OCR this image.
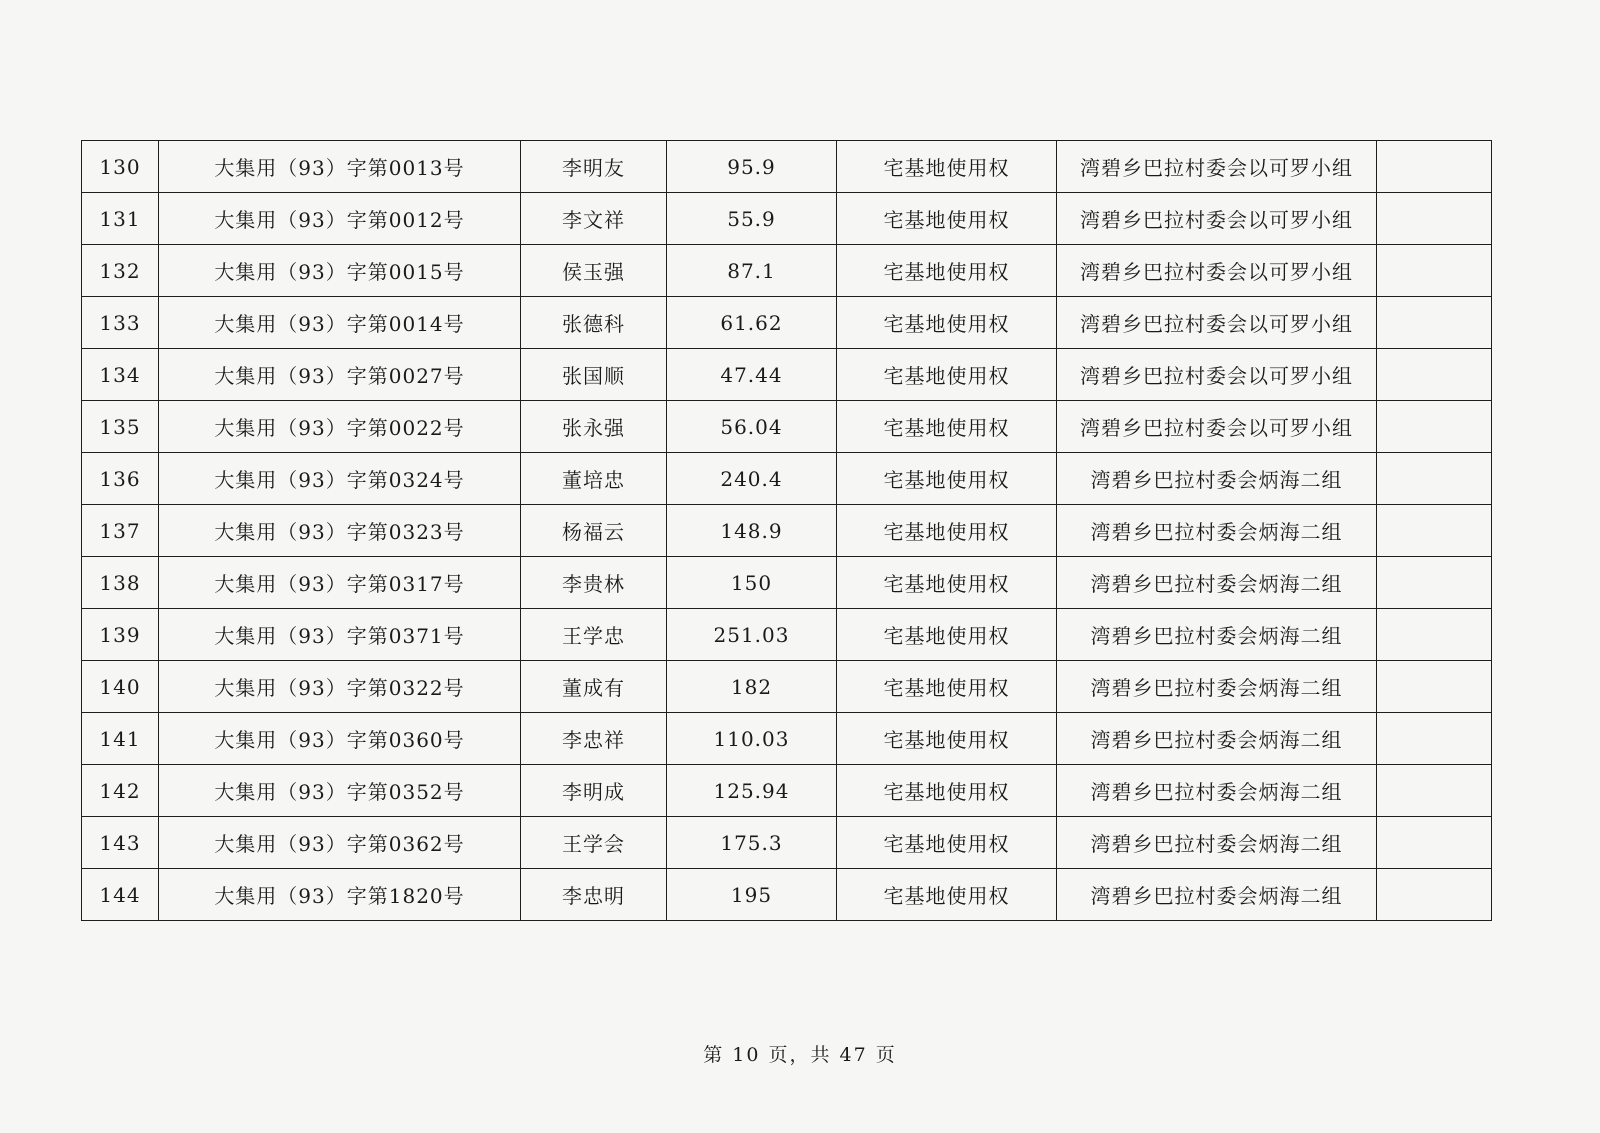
130	大集用（93）字第0013号	李明友	95.9	宅基地使用权	湾碧乡巴拉村委会以可罗小组	
131	大集用（93）字第0012号	李文祥	55.9	宅基地使用权	湾碧乡巴拉村委会以可罗小组	
132	大集用（93）字第0015号	侯玉强	87.1	宅基地使用权	湾碧乡巴拉村委会以可罗小组	
133	大集用（93）字第0014号	张德科	61.62	宅基地使用权	湾碧乡巴拉村委会以可罗小组	
134	大集用（93）字第0027号	张国顺	47.44	宅基地使用权	湾碧乡巴拉村委会以可罗小组	
135	大集用（93）字第0022号	张永强	56.04	宅基地使用权	湾碧乡巴拉村委会以可罗小组	
136	大集用（93）字第0324号	董培忠	240.4	宅基地使用权	湾碧乡巴拉村委会炳海二组	
137	大集用（93）字第0323号	杨福云	148.9	宅基地使用权	湾碧乡巴拉村委会炳海二组	
138	大集用（93）字第0317号	李贵林	150	宅基地使用权	湾碧乡巴拉村委会炳海二组	
139	大集用（93）字第0371号	王学忠	251.03	宅基地使用权	湾碧乡巴拉村委会炳海二组	
140	大集用（93）字第0322号	董成有	182	宅基地使用权	湾碧乡巴拉村委会炳海二组	
141	大集用（93）字第0360号	李忠祥	110.03	宅基地使用权	湾碧乡巴拉村委会炳海二组	
142	大集用（93）字第0352号	李明成	125.94	宅基地使用权	湾碧乡巴拉村委会炳海二组	
143	大集用（93）字第0362号	王学会	175.3	宅基地使用权	湾碧乡巴拉村委会炳海二组	
144	大集用（93）字第1820号	李忠明	195	宅基地使用权	湾碧乡巴拉村委会炳海二组	
第 10 页，共 47 页
